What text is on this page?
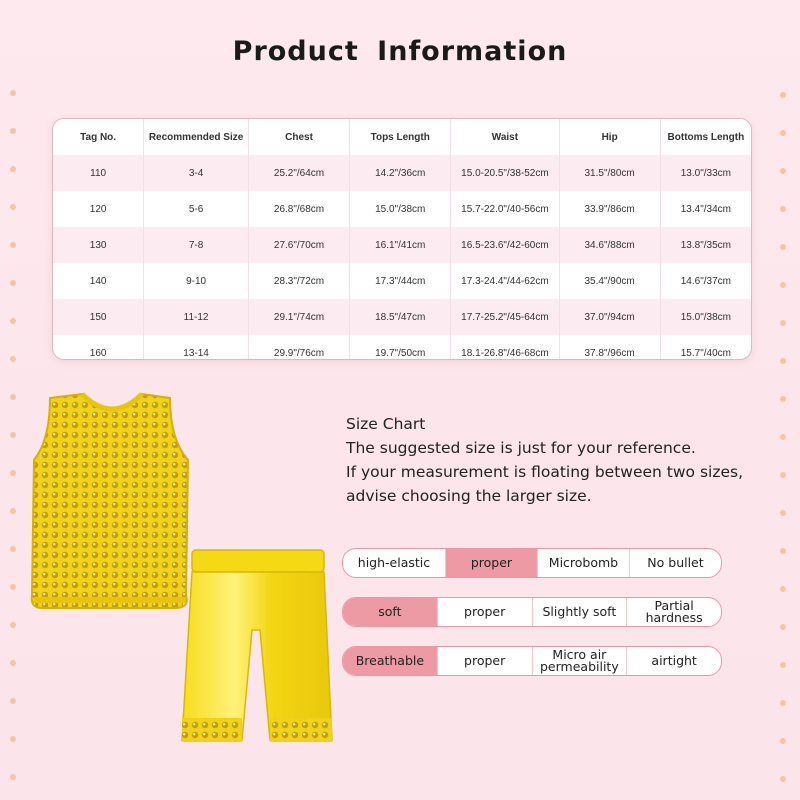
Product Information
Tag No.	Recommended Size	Chest	Tops Length	Waist	Hip	Bottoms Length
110	3-4	25.2"/64cm	14.2"/36cm	15.0-20.5"/38-52cm	31.5"/80cm	13.0"/33cm
120	5-6	26.8"/68cm	15.0"/38cm	15.7-22.0"/40-56cm	33.9"/86cm	13.4"/34cm
130	7-8	27.6"/70cm	16.1"/41cm	16.5-23.6"/42-60cm	34.6"/88cm	13.8"/35cm
140	9-10	28.3"/72cm	17.3"/44cm	17.3-24.4"/44-62cm	35.4"/90cm	14.6"/37cm
150	11-12	29.1"/74cm	18.5"/47cm	17.7-25.2"/45-64cm	37.0"/94cm	15.0"/38cm
160	13-14	29.9"/76cm	19.7"/50cm	18.1-26.8"/46-68cm	37.8"/96cm	15.7"/40cm
Size Chart
The suggested size is just for your reference.
If your measurement is floating between two sizes,
advise choosing the larger size.
high-elastic	proper	Microbomb	No bullet
soft	proper	Slightly soft	Partial hardness
Breathable	proper	Micro air permeability	airtight
